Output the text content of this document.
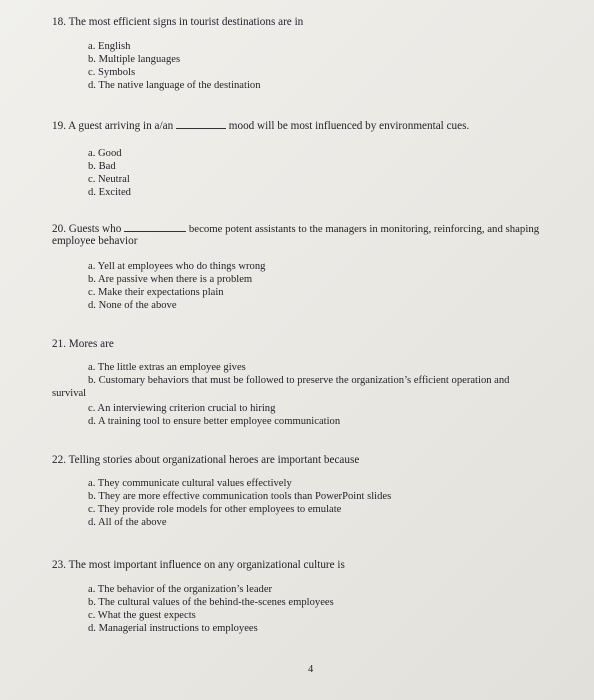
18. The most efficient signs in tourist destinations are in
a. English
b. Multiple languages
c. Symbols
d. The native language of the destination
19. A guest arriving in a/an	mood will be most influenced by environmental cues.
a. Good
b. Bad
c. Neutral
d. Excited
20. Guests who	become potent assistants to the managers in monitoring, reinforcing, and shaping
employee behavior
a. Yell at employees who do things wrong
b. Are passive when there is a problem
c. Make their expectations plain
d. None of the above
21. Mores are
a. The little extras an employee gives
b. Customary behaviors that must be followed to preserve the organization’s efficient operation and
survival
c. An interviewing criterion crucial to hiring
d. A training tool to ensure better employee communication
22. Telling stories about organizational heroes are important because
a. They communicate cultural values effectively
b. They are more effective communication tools than PowerPoint slides
c. They provide role models for other employees to emulate
d. All of the above
23. The most important influence on any organizational culture is
a. The behavior of the organization’s leader
b. The cultural values of the behind-the-scenes employees
c. What the guest expects
d. Managerial instructions to employees
4
